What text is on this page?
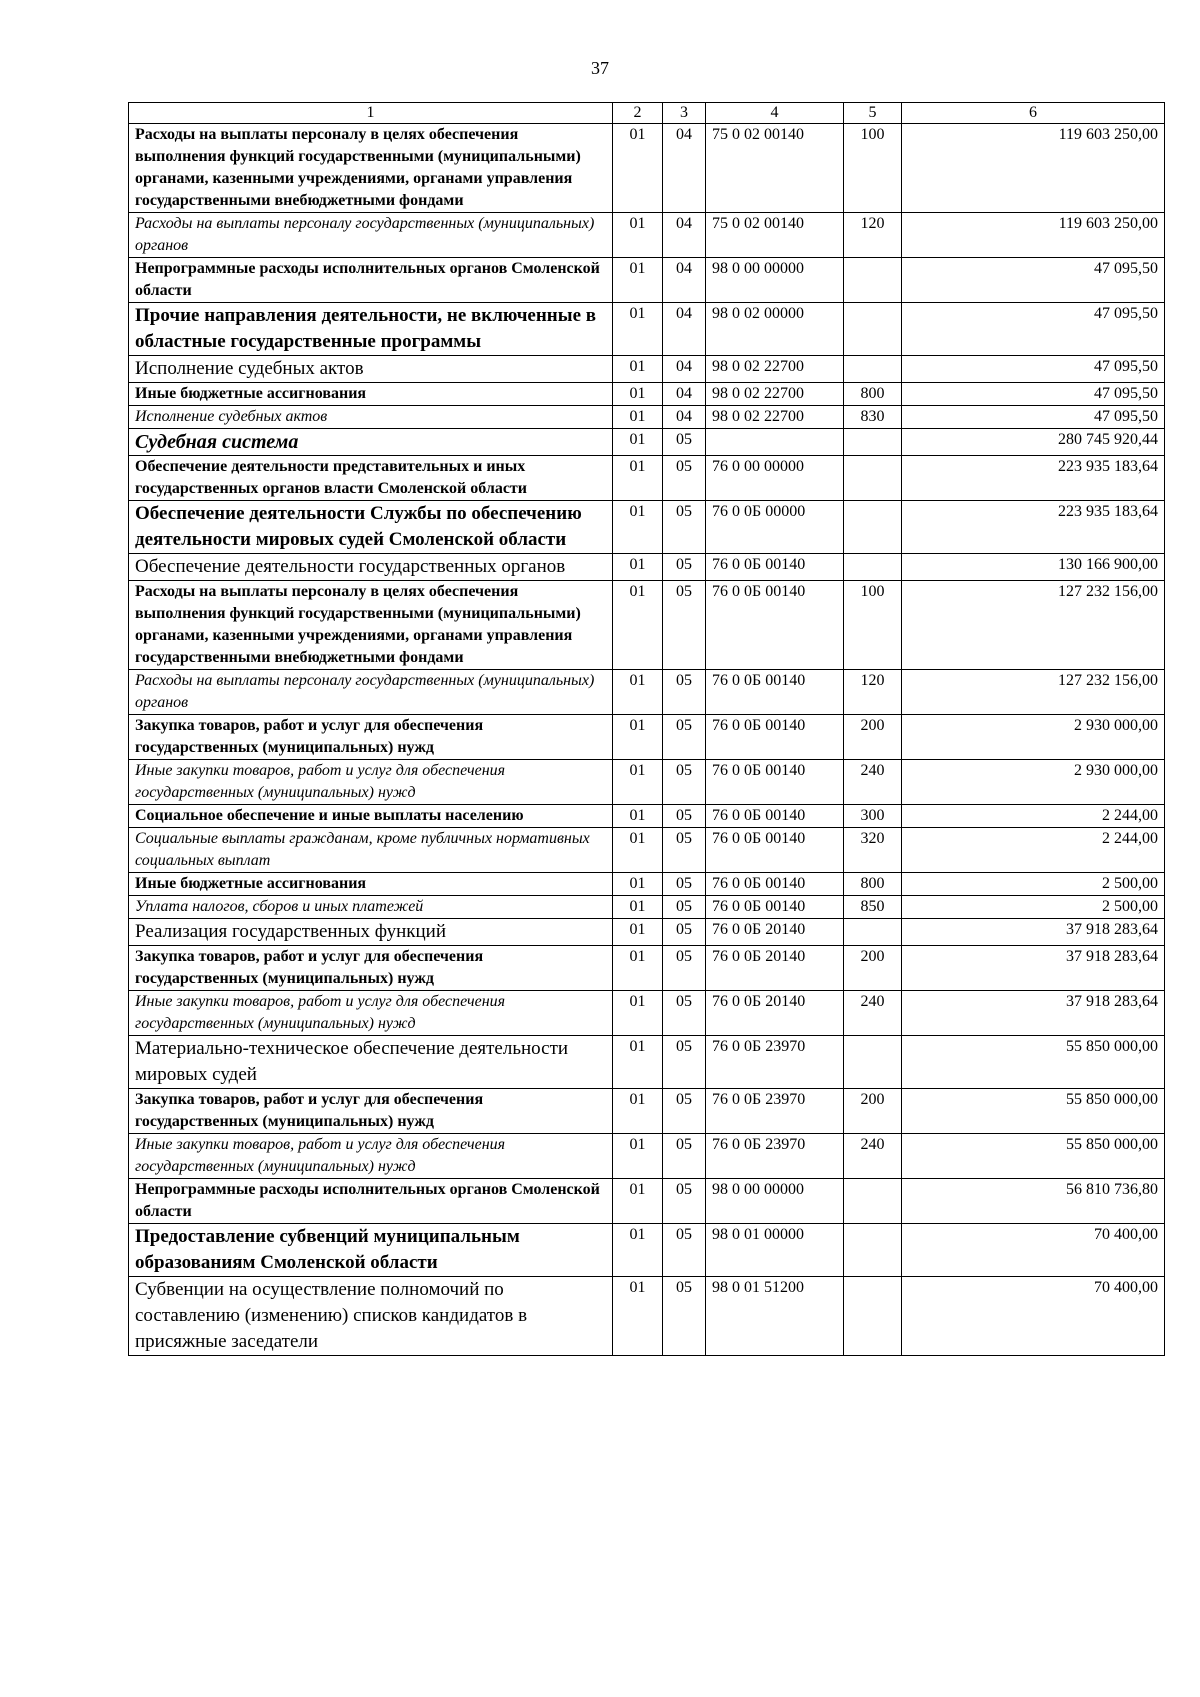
37
1	2	3	4	5	6
Расходы на выплаты персоналу в целях обеспечения выполнения функций государственными (муниципальными) органами, казенными учреждениями, органами управления государственными внебюджетными фондами	01	04	75 0 02 00140	100	119 603 250,00
Расходы на выплаты персоналу государственных (муниципальных) органов	01	04	75 0 02 00140	120	119 603 250,00
Непрограммные расходы исполнительных органов Смоленской области	01	04	98 0 00 00000		47 095,50
Прочие направления деятельности, не включенные в областные государственные программы	01	04	98 0 02 00000		47 095,50
Исполнение судебных актов	01	04	98 0 02 22700		47 095,50
Иные бюджетные ассигнования	01	04	98 0 02 22700	800	47 095,50
Исполнение судебных актов	01	04	98 0 02 22700	830	47 095,50
Судебная система	01	05			280 745 920,44
Обеспечение деятельности представительных и иных государственных органов власти Смоленской области	01	05	76 0 00 00000		223 935 183,64
Обеспечение деятельности Службы по обеспечению деятельности мировых судей Смоленской области	01	05	76 0 0Б 00000		223 935 183,64
Обеспечение деятельности государственных органов	01	05	76 0 0Б 00140		130 166 900,00
Расходы на выплаты персоналу в целях обеспечения выполнения функций государственными (муниципальными) органами, казенными учреждениями, органами управления государственными внебюджетными фондами	01	05	76 0 0Б 00140	100	127 232 156,00
Расходы на выплаты персоналу государственных (муниципальных) органов	01	05	76 0 0Б 00140	120	127 232 156,00
Закупка товаров, работ и услуг для обеспечения государственных (муниципальных) нужд	01	05	76 0 0Б 00140	200	2 930 000,00
Иные закупки товаров, работ и услуг для обеспечения государственных (муниципальных) нужд	01	05	76 0 0Б 00140	240	2 930 000,00
Социальное обеспечение и иные выплаты населению	01	05	76 0 0Б 00140	300	2 244,00
Социальные выплаты гражданам, кроме публичных нормативных социальных выплат	01	05	76 0 0Б 00140	320	2 244,00
Иные бюджетные ассигнования	01	05	76 0 0Б 00140	800	2 500,00
Уплата налогов, сборов и иных платежей	01	05	76 0 0Б 00140	850	2 500,00
Реализация государственных функций	01	05	76 0 0Б 20140		37 918 283,64
Закупка товаров, работ и услуг для обеспечения государственных (муниципальных) нужд	01	05	76 0 0Б 20140	200	37 918 283,64
Иные закупки товаров, работ и услуг для обеспечения государственных (муниципальных) нужд	01	05	76 0 0Б 20140	240	37 918 283,64
Материально-техническое обеспечение деятельности мировых судей	01	05	76 0 0Б 23970		55 850 000,00
Закупка товаров, работ и услуг для обеспечения государственных (муниципальных) нужд	01	05	76 0 0Б 23970	200	55 850 000,00
Иные закупки товаров, работ и услуг для обеспечения государственных (муниципальных) нужд	01	05	76 0 0Б 23970	240	55 850 000,00
Непрограммные расходы исполнительных органов Смоленской области	01	05	98 0 00 00000		56 810 736,80
Предоставление субвенций муниципальным образованиям Смоленской области	01	05	98 0 01 00000		70 400,00
Субвенции на осуществление полномочий по составлению (изменению) списков кандидатов в присяжные заседатели	01	05	98 0 01 51200		70 400,00
